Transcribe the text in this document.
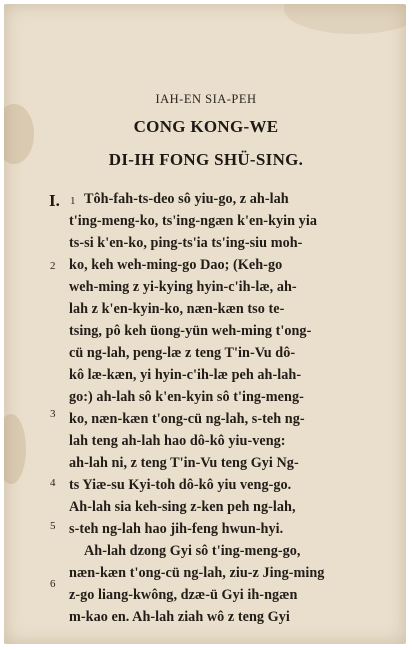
IAH-EN SIA-PEH
CONG KONG-WE
DI-IH FONG SHÜ-SING.
I. 1
2
3
4
5
6
Tôh-fah-ts-deo sô yiu-go, z ah-lah
t'ing-meng-ko, ts'ing-ngæn k'en-kyin yia
ts-si k'en-ko, ping-ts'ia ts'ing-siu moh-
ko, keh weh-ming-go Dao; (Keh-go
weh-ming z yi-kying hyin-c'ih-læ, ah-
lah z k'en-kyin-ko, næn-kæn tso te-
tsing, pô keh üong-yün weh-ming t'ong-
cü ng-lah, peng-læ z teng T'in-Vu dô-
kô læ-kæn, yi hyin-c'ih-læ peh ah-lah-
go:) ah-lah sô k'en-kyin sô t'ing-meng-
ko, næn-kæn t'ong-cü ng-lah, s-teh ng-
lah teng ah-lah hao dô-kô yiu-veng:
ah-lah ni, z teng T'in-Vu teng Gyi Ng-
ts Yiæ-su Kyi-toh dô-kô yiu veng-go.
Ah-lah sia keh-sing z-ken peh ng-lah,
s-teh ng-lah hao jih-feng hwun-hyi.
Ah-lah dzong Gyi sô t'ing-meng-go,
næn-kæn t'ong-cü ng-lah, ziu-z Jing-ming
z-go liang-kwông, dzæ-ü Gyi ih-ngæn
m-kao en. Ah-lah ziah wô z teng Gyi
